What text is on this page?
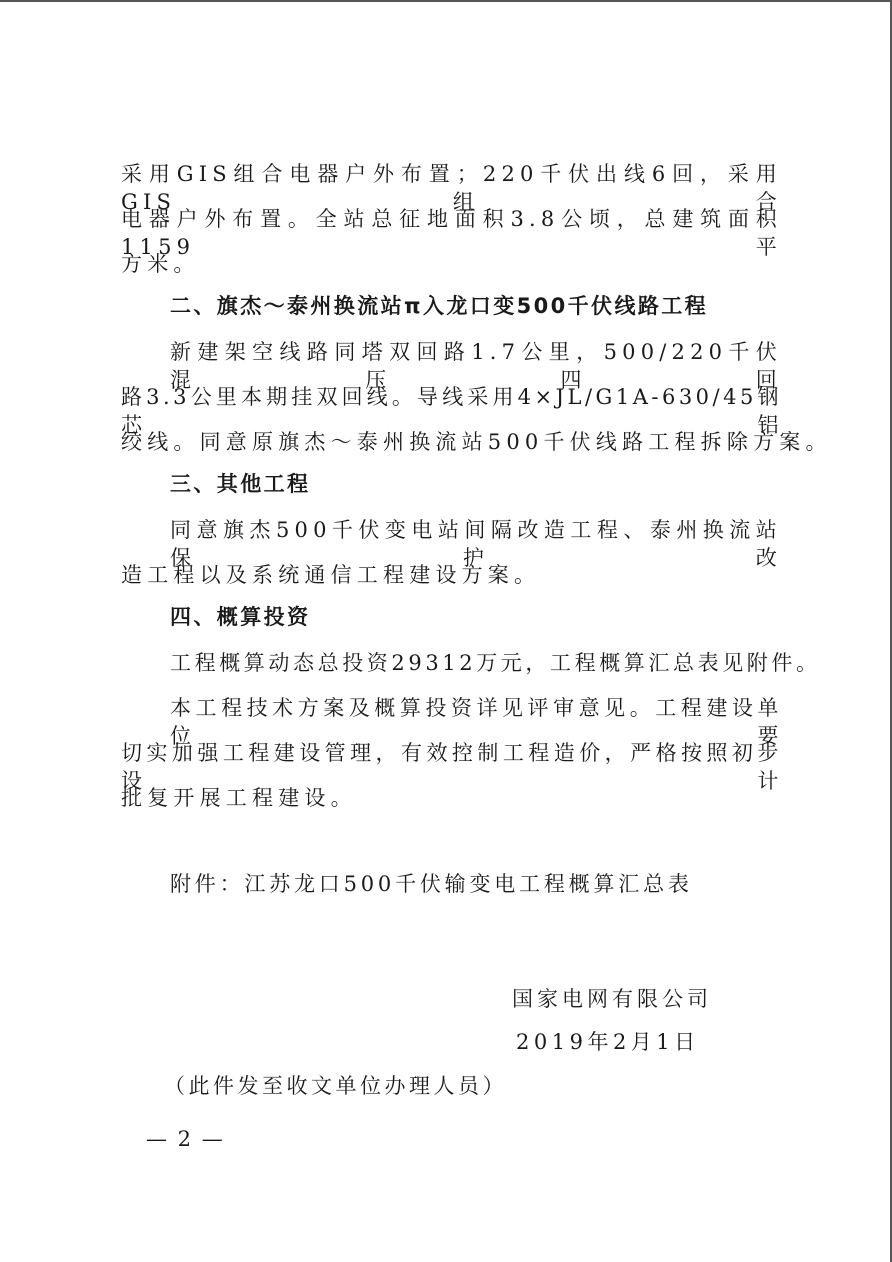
采用GIS组合电器户外布置；220千伏出线6回，采用GIS组合
电器户外布置。全站总征地面积3.8公顷，总建筑面积1159平
方米。
二、旗杰～泰州换流站π入龙口变500千伏线路工程
新建架空线路同塔双回路1.7公里，500/220千伏混压四回
路3.3公里本期挂双回线。导线采用4×JL/G1A-630/45钢芯铝
绞线。同意原旗杰～泰州换流站500千伏线路工程拆除方案。
三、其他工程
同意旗杰500千伏变电站间隔改造工程、泰州换流站保护改
造工程以及系统通信工程建设方案。
四、概算投资
工程概算动态总投资29312万元，工程概算汇总表见附件。
本工程技术方案及概算投资详见评审意见。工程建设单位要
切实加强工程建设管理，有效控制工程造价，严格按照初步设计
批复开展工程建设。
附件：江苏龙口500千伏输变电工程概算汇总表
国家电网有限公司
2019年2月1日
（此件发至收文单位办理人员）
— 2 —
